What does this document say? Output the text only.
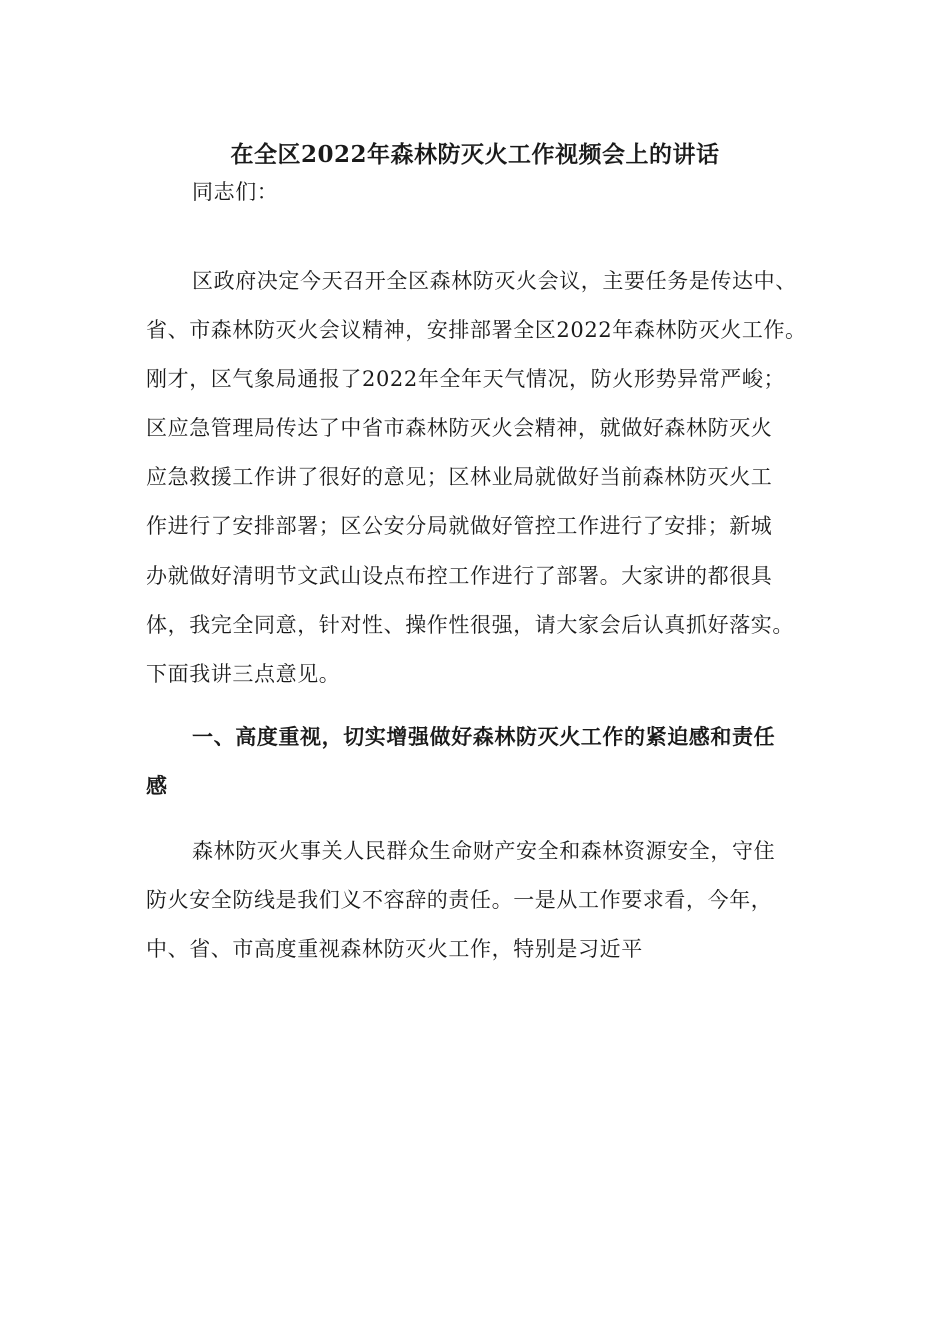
在全区2022年森林防灭火工作视频会上的讲话
同志们：
区政府决定今天召开全区森林防灭火会议，主要任务是传达中、
省、市森林防灭火会议精神，安排部署全区2022年森林防灭火工作。
刚才，区气象局通报了2022年全年天气情况，防火形势异常严峻；
区应急管理局传达了中省市森林防灭火会精神，就做好森林防灭火
应急救援工作讲了很好的意见；区林业局就做好当前森林防灭火工
作进行了安排部署；区公安分局就做好管控工作进行了安排；新城
办就做好清明节文武山设点布控工作进行了部署。大家讲的都很具
体，我完全同意，针对性、操作性很强，请大家会后认真抓好落实。
下面我讲三点意见。
一、高度重视，切实增强做好森林防灭火工作的紧迫感和责任
感
森林防灭火事关人民群众生命财产安全和森林资源安全，守住
防火安全防线是我们义不容辞的责任。一是从工作要求看，今年，
中、省、市高度重视森林防灭火工作，特别是习近平
